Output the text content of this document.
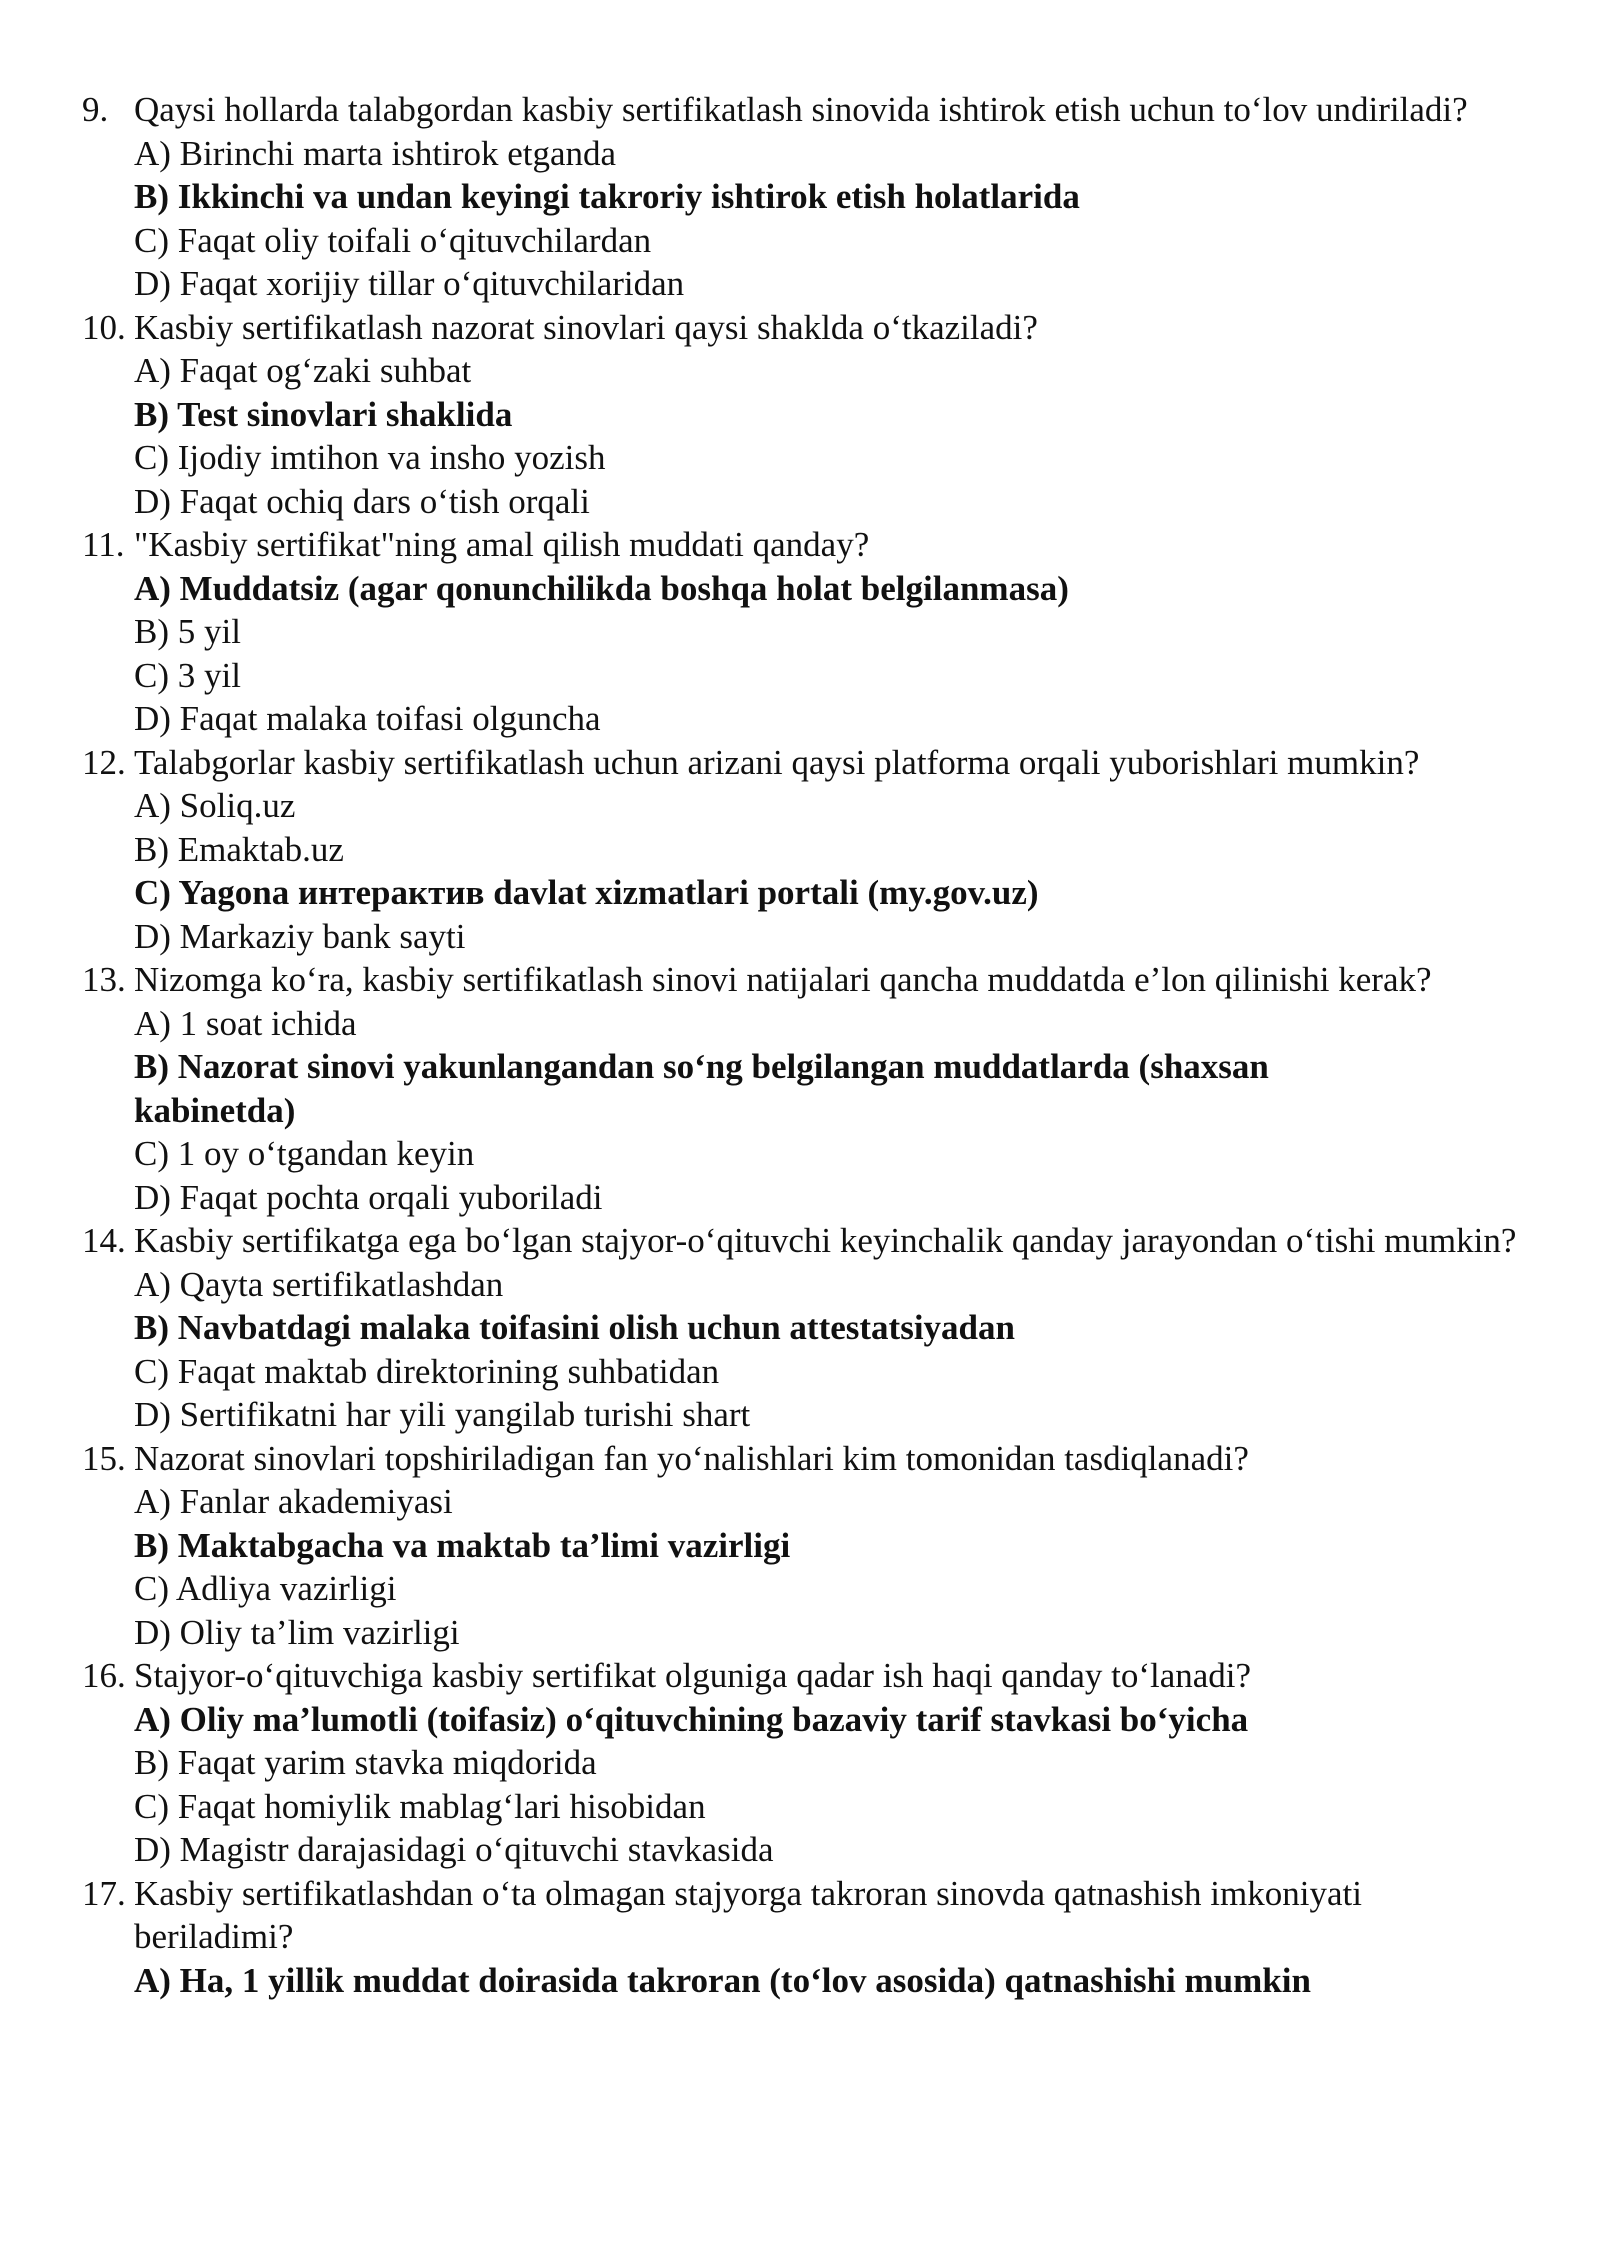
9. Qaysi hollarda talabgordan kasbiy sertifikatlash sinovida ishtirok etish uchun to‘lov undiriladi?
A) Birinchi marta ishtirok etganda
B) Ikkinchi va undan keyingi takroriy ishtirok etish holatlarida
C) Faqat oliy toifali o‘qituvchilardan
D) Faqat xorijiy tillar o‘qituvchilaridan
10. Kasbiy sertifikatlash nazorat sinovlari qaysi shaklda o‘tkaziladi?
A) Faqat og‘zaki suhbat
B) Test sinovlari shaklida
C) Ijodiy imtihon va insho yozish
D) Faqat ochiq dars o‘tish orqali
11. "Kasbiy sertifikat"ning amal qilish muddati qanday?
A) Muddatsiz (agar qonunchilikda boshqa holat belgilanmasa)
B) 5 yil
C) 3 yil
D) Faqat malaka toifasi olguncha
12. Talabgorlar kasbiy sertifikatlash uchun arizani qaysi platforma orqali yuborishlari mumkin?
A) Soliq.uz
B) Emaktab.uz
C) Yagona интерактив davlat xizmatlari portali (my.gov.uz)
D) Markaziy bank sayti
13. Nizomga ko‘ra, kasbiy sertifikatlash sinovi natijalari qancha muddatda e’lon qilinishi kerak?
A) 1 soat ichida
B) Nazorat sinovi yakunlangandan so‘ng belgilangan muddatlarda (shaxsan kabinetda)
C) 1 oy o‘tgandan keyin
D) Faqat pochta orqali yuboriladi
14. Kasbiy sertifikatga ega bo‘lgan stajyor-o‘qituvchi keyinchalik qanday jarayondan o‘tishi mumkin?
A) Qayta sertifikatlashdan
B) Navbatdagi malaka toifasini olish uchun attestatsiyadan
C) Faqat maktab direktorining suhbatidan
D) Sertifikatni har yili yangilab turishi shart
15. Nazorat sinovlari topshiriladigan fan yo‘nalishlari kim tomonidan tasdiqlanadi?
A) Fanlar akademiyasi
B) Maktabgacha va maktab ta’limi vazirligi
C) Adliya vazirligi
D) Oliy ta’lim vazirligi
16. Stajyor-o‘qituvchiga kasbiy sertifikat olguniga qadar ish haqi qanday to‘lanadi?
A) Oliy ma’lumotli (toifasiz) o‘qituvchining bazaviy tarif stavkasi bo‘yicha
B) Faqat yarim stavka miqdorida
C) Faqat homiylik mablag‘lari hisobidan
D) Magistr darajasidagi o‘qituvchi stavkasida
17. Kasbiy sertifikatlashdan o‘ta olmagan stajyorga takroran sinovda qatnashish imkoniyati beriladimi?
A) Ha, 1 yillik muddat doirasida takroran (to‘lov asosida) qatnashishi mumkin
